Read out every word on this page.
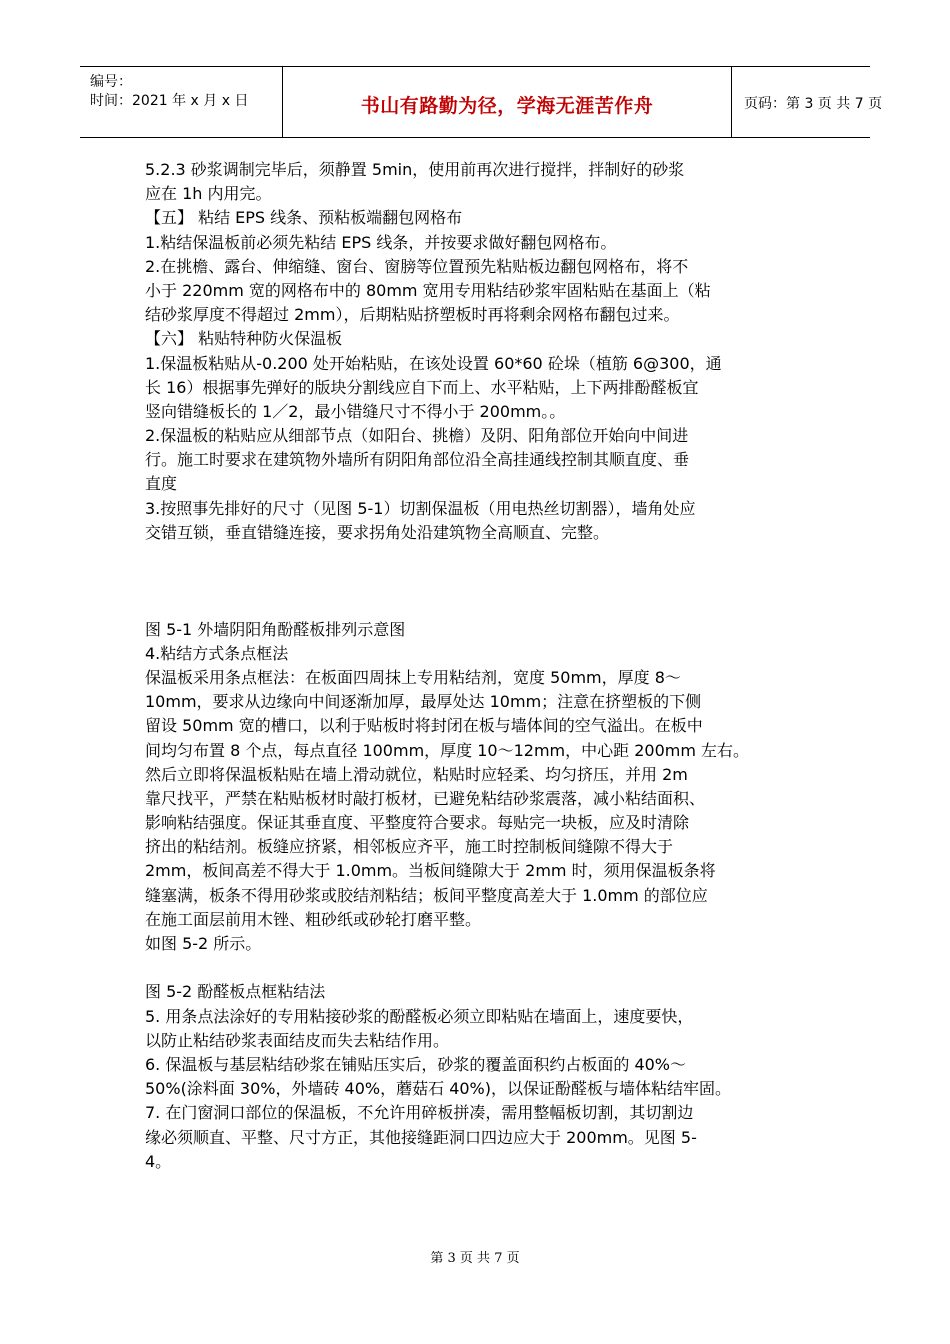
编号：
时间：2021 年 x 月 x 日	书山有路勤为径，学海无涯苦作舟	页码：第 3 页 共 7 页
5.2.3 砂浆调制完毕后，须静置 5min，使用前再次进行搅拌，拌制好的砂浆
应在 1h 内用完。
【五】 粘结 EPS 线条、预粘板端翻包网格布
1.粘结保温板前必须先粘结 EPS 线条，并按要求做好翻包网格布。
2.在挑檐、露台、伸缩缝、窗台、窗膀等位置预先粘贴板边翻包网格布，将不
小于 220mm 宽的网格布中的 80mm 宽用专用粘结砂浆牢固粘贴在基面上（粘
结砂浆厚度不得超过 2mm），后期粘贴挤塑板时再将剩余网格布翻包过来。
【六】 粘贴特种防火保温板
1.保温板粘贴从-0.200 处开始粘贴，在该处设置 60*60 砼垛（植筋 6@300，通
长 16）根据事先弹好的版块分割线应自下而上、水平粘贴，上下两排酚醛板宜
竖向错缝板长的 1／2，最小错缝尺寸不得小于 200mm。。
2.保温板的粘贴应从细部节点（如阳台、挑檐）及阴、阳角部位开始向中间进
行。施工时要求在建筑物外墙所有阴阳角部位沿全高挂通线控制其顺直度、垂
直度
3.按照事先排好的尺寸（见图 5-1）切割保温板（用电热丝切割器），墙角处应
交错互锁，垂直错缝连接，要求拐角处沿建筑物全高顺直、完整。
图 5-1 外墙阴阳角酚醛板排列示意图
4.粘结方式条点框法
保温板采用条点框法：在板面四周抹上专用粘结剂，宽度 50mm，厚度 8～
10mm，要求从边缘向中间逐渐加厚，最厚处达 10mm；注意在挤塑板的下侧
留设 50mm 宽的槽口，以利于贴板时将封闭在板与墙体间的空气溢出。在板中
间均匀布置 8 个点，每点直径 100mm，厚度 10～12mm，中心距 200mm 左右。
然后立即将保温板粘贴在墙上滑动就位，粘贴时应轻柔、均匀挤压，并用 2m
靠尺找平，严禁在粘贴板材时敲打板材，已避免粘结砂浆震落，减小粘结面积、
影响粘结强度。保证其垂直度、平整度符合要求。每贴完一块板，应及时清除
挤出的粘结剂。板缝应挤紧，相邻板应齐平，施工时控制板间缝隙不得大于
2mm，板间高差不得大于 1.0mm。当板间缝隙大于 2mm 时，须用保温板条将
缝塞满，板条不得用砂浆或胶结剂粘结；板间平整度高差大于 1.0mm 的部位应
在施工面层前用木锉、粗砂纸或砂轮打磨平整。
如图 5-2 所示。
图 5-2 酚醛板点框粘结法
5. 用条点法涂好的专用粘接砂浆的酚醛板必须立即粘贴在墙面上，速度要快，
以防止粘结砂浆表面结皮而失去粘结作用。
6. 保温板与基层粘结砂浆在铺贴压实后，砂浆的覆盖面积约占板面的 40%～
50%(涂料面 30%，外墙砖 40%，蘑菇石 40%)，以保证酚醛板与墙体粘结牢固。
7. 在门窗洞口部位的保温板，不允许用碎板拼凑，需用整幅板切割，其切割边
缘必须顺直、平整、尺寸方正，其他接缝距洞口四边应大于 200mm。见图 5-
4。
第 3 页 共 7 页
